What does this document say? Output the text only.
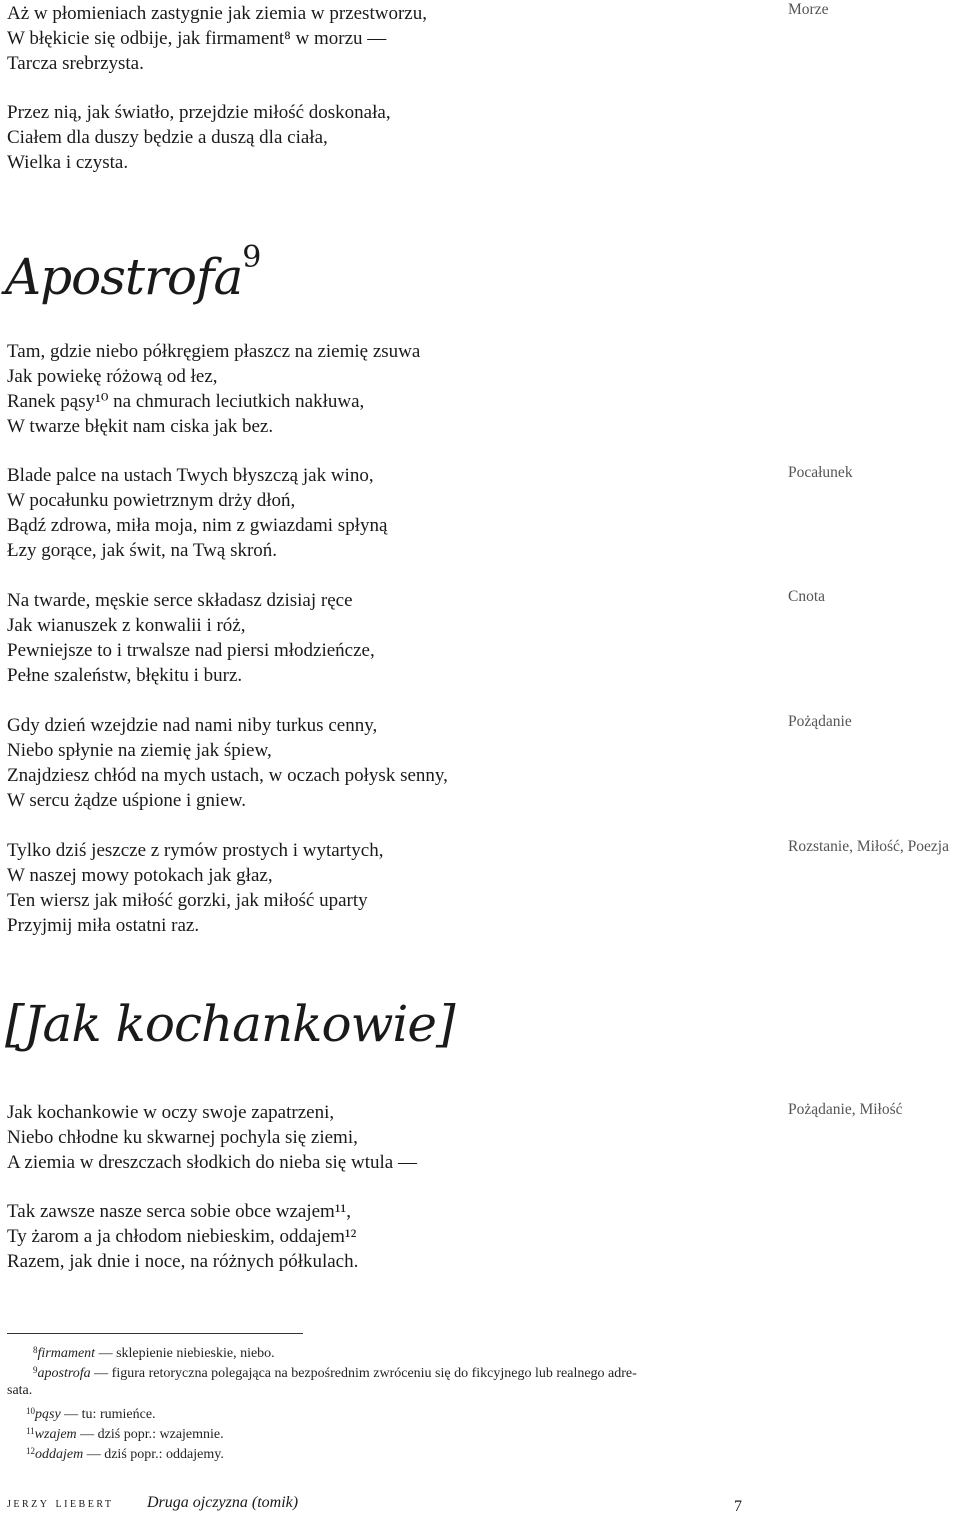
Aż w płomieniach zastygnie jak ziemia w przestworzu,
W błękicie się odbije, jak firmament⁸ w morzu —
Tarcza srebrzysta.
Przez nią, jak światło, przejdzie miłość doskonała,
Ciałem dla duszy będzie a duszą dla ciała,
Wielka i czysta.
Morze
Apostrofa$^9$
Tam, gdzie niebo półkręgiem płaszcz na ziemię zsuwa
Jak powiekę różową od łez,
Ranek pąsy¹⁰ na chmurach leciutkich nakłuwa,
W twarze błękit nam ciska jak bez.
Blade palce na ustach Twych błyszczą jak wino,
W pocałunku powietrznym drży dłoń,
Bądź zdrowa, miła moja, nim z gwiazdami spłyną
Łzy gorące, jak świt, na Twą skroń.
Pocałunek
Na twarde, męskie serce składasz dzisiaj ręce
Jak wianuszek z konwalii i róż,
Pewniejsze to i trwalsze nad piersi młodzieńcze,
Pełne szaleństw, błękitu i burz.
Cnota
Gdy dzień wzejdzie nad nami niby turkus cenny,
Niebo spłynie na ziemię jak śpiew,
Znajdziesz chłód na mych ustach, w oczach połysk senny,
W sercu żądze uśpione i gniew.
Pożądanie
Tylko dziś jeszcze z rymów prostych i wytartych,
W naszej mowy potokach jak głaz,
Ten wiersz jak miłość gorzki, jak miłość uparty
Przyjmij miła ostatni raz.
Rozstanie, Miłość, Poezja
[Jak kochankowie]
Jak kochankowie w oczy swoje zapatrzeni,
Niebo chłodne ku skwarnej pochyla się ziemi,
A ziemia w dreszczach słodkich do nieba się wtula —
Pożądanie, Miłość
Tak zawsze nasze serca sobie obce wzajem¹¹,
Ty żarom a ja chłodom niebieskim, oddajem¹²
Razem, jak dnie i noce, na różnych półkulach.
$^8$firmament — sklepienie niebieskie, niebo.
$^9$apostrofa — figura retoryczna polegająca na bezpośrednim zwróceniu się do fikcyjnego lub realnego adre-
sata.
$^{10}$pąsy — tu: rumieńce.
$^{11}$wzajem — dziś popr.: wzajemnie.
$^{12}$oddajem — dziś popr.: oddajemy.
jerzy liebert Druga ojczyzna (tomik)	7
